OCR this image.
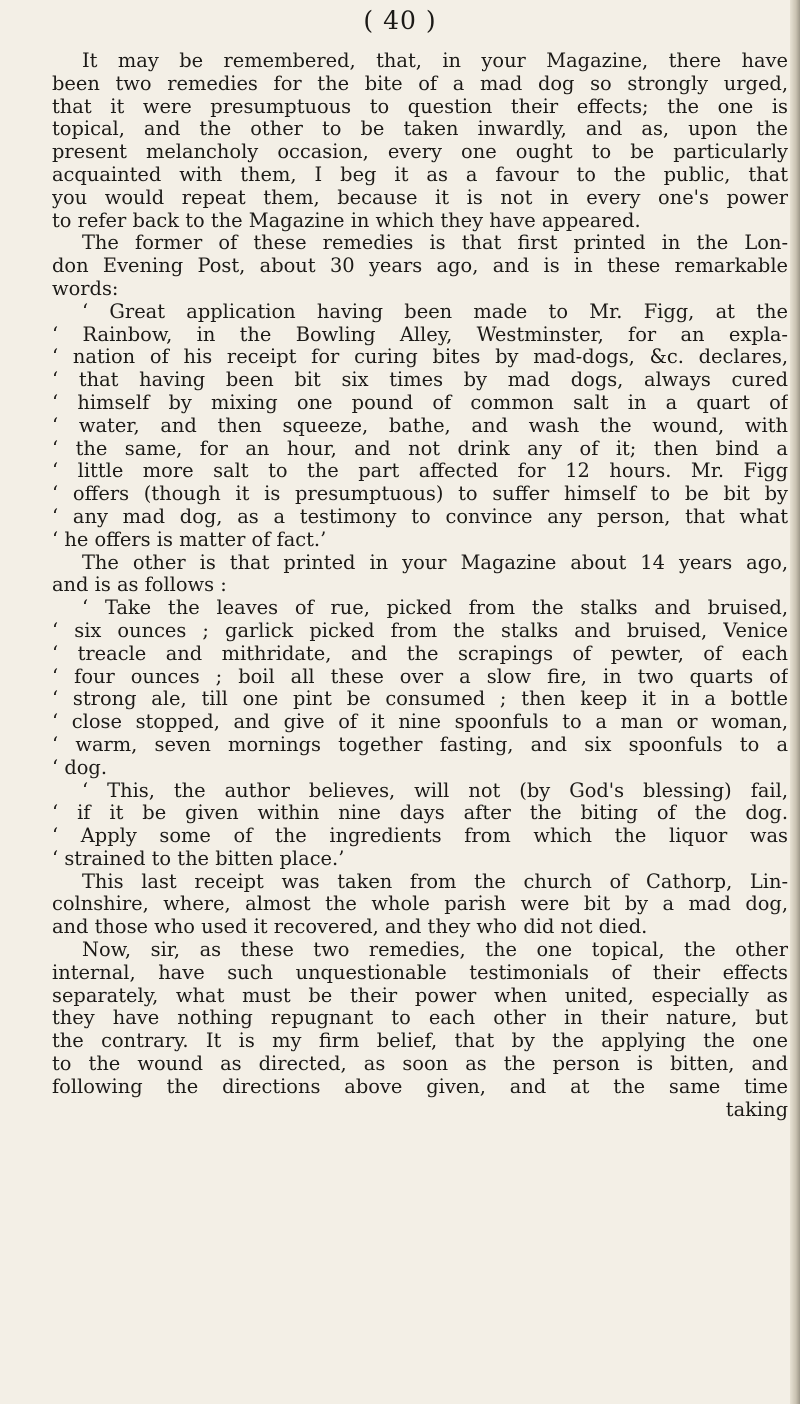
( 40 )
It may be remembered, that, in your Magazine, there have
been two remedies for the bite of a mad dog so strongly urged,
that it were presumptuous to question their effects; the one is
topical, and the other to be taken inwardly, and as, upon the
present melancholy occasion, every one ought to be particularly
acquainted with them, I beg it as a favour to the public, that
you would repeat them, because it is not in every one's power
to refer back to the Magazine in which they have appeared.
The former of these remedies is that first printed in the Lon-
don Evening Post, about 30 years ago, and is in these remarkable
words:
‘ Great application having been made to Mr. Figg, at the
‘ Rainbow, in the Bowling Alley, Westminster, for an expla-
‘ nation of his receipt for curing bites by mad-dogs, &c. declares,
‘ that having been bit six times by mad dogs, always cured
‘ himself by mixing one pound of common salt in a quart of
‘ water, and then squeeze, bathe, and wash the wound, with
‘ the same, for an hour, and not drink any of it; then bind a
‘ little more salt to the part affected for 12 hours. Mr. Figg
‘ offers (though it is presumptuous) to suffer himself to be bit by
‘ any mad dog, as a testimony to convince any person, that what
‘ he offers is matter of fact.’
The other is that printed in your Magazine about 14 years ago,
and is as follows :
‘ Take the leaves of rue, picked from the stalks and bruised,
‘ six ounces ; garlick picked from the stalks and bruised, Venice
‘ treacle and mithridate, and the scrapings of pewter, of each
‘ four ounces ; boil all these over a slow fire, in two quarts of
‘ strong ale, till one pint be consumed ; then keep it in a bottle
‘ close stopped, and give of it nine spoonfuls to a man or woman,
‘ warm, seven mornings together fasting, and six spoonfuls to a
‘ dog.
‘ This, the author believes, will not (by God's blessing) fail,
‘ if it be given within nine days after the biting of the dog.
‘ Apply some of the ingredients from which the liquor was
‘ strained to the bitten place.’
This last receipt was taken from the church of Cathorp, Lin-
colnshire, where, almost the whole parish were bit by a mad dog,
and those who used it recovered, and they who did not died.
Now, sir, as these two remedies, the one topical, the other
internal, have such unquestionable testimonials of their effects
separately, what must be their power when united, especially as
they have nothing repugnant to each other in their nature, but
the contrary. It is my firm belief, that by the applying the one
to the wound as directed, as soon as the person is bitten, and
following the directions above given, and at the same time
taking
